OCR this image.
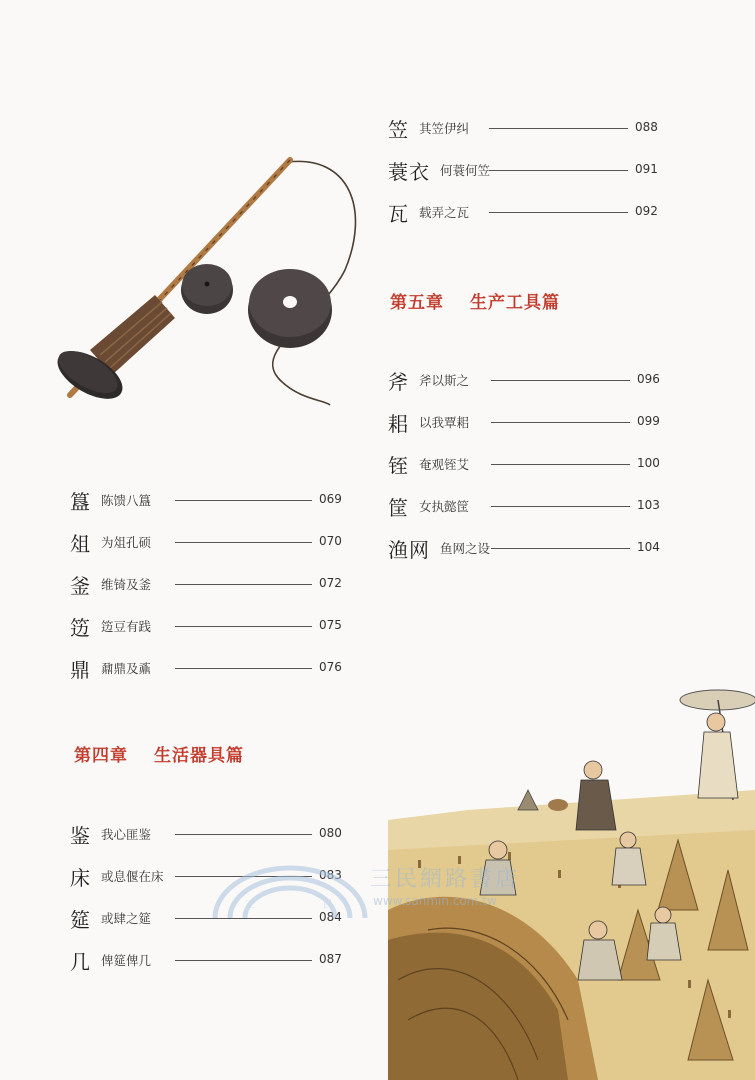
簋 陈馈八簋	069
俎 为俎孔硕	070
釜 维锜及釜	072
笾 笾豆有践	075
鼎 鼐鼎及鼒	076
第四章 生活器具篇
鉴 我心匪鉴	080
床 或息偃在床	083
筵 或肆之筵	084
几 俾筵俾几	087
笠 其笠伊纠	088
蓑衣 何蓑何笠	091
瓦 载弄之瓦	092
第五章 生产工具篇
斧 斧以斯之	096
耜 以我覃耜	099
铚 奄观铚艾	100
筐 女执懿筐	103
渔网 鱼网之设	104
三	民
三民網路書店
www.sanmin.com.tw
